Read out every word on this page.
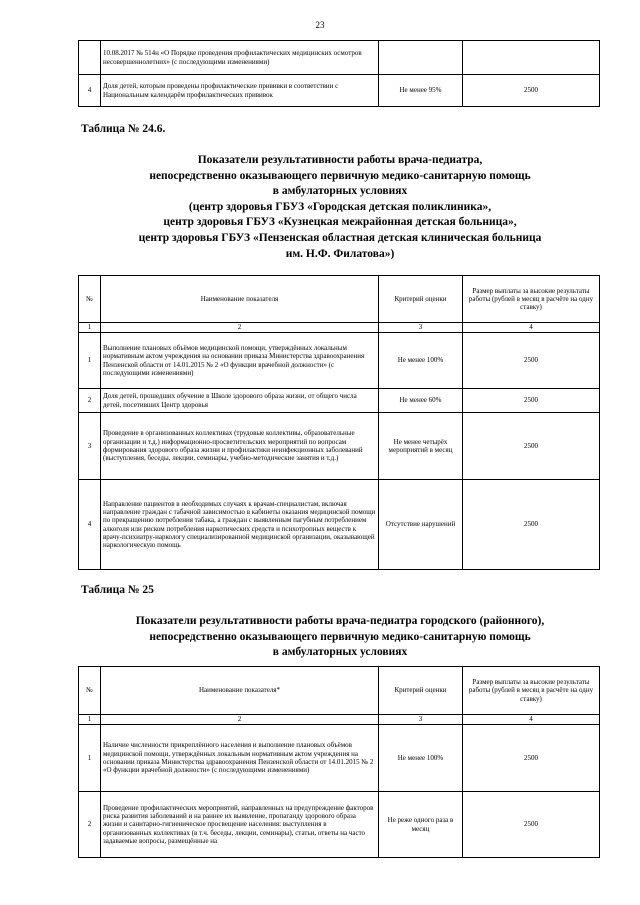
23
	10.08.2017 № 514н «О Порядке проведения профилактических медицинских осмотров несовершеннолетних» (с последующими изменениями)		
4	Доля детей, которым проведены профилактические прививки в соответствии с Национальным календарём профилактических прививок	Не менее 95%	2500
Таблица № 24.6.
Показатели результативности работы врача-педиатра,
непосредственно оказывающего первичную медико-санитарную помощь
в амбулаторных условиях
(центр здоровья ГБУЗ «Городская детская поликлиника»,
центр здоровья ГБУЗ «Кузнецкая межрайонная детская больница»,
центр здоровья ГБУЗ «Пензенская областная детская клиническая больница
им. Н.Ф. Филатова»)
№	Наименование показателя	Критерий оценки	Размер выплаты за высокие результаты работы (рублей в месяц в расчёте на одну ставку)
1	2	3	4
1	Выполнение плановых объёмов медицинской помощи, утверждённых локальным нормативным актом учреждения на основании приказа Министерства здравоохранения Пензенской области от 14.01.2015 № 2 «О функции врачебной должности» (с последующими изменениями)	Не менее 100%	2500
2	Доля детей, прошедших обучение в Школе здорового образа жизни, от общего числа детей, посетивших Центр здоровья	Не менее 60%	2500
3	Проведение в организованных коллективах (трудовые коллективы, образовательные организации и т.д.) информационно-просветительских мероприятий по вопросам формирования здорового образа жизни и профилактики неинфекционных заболеваний (выступления, беседы, лекции, семинары, учебно-методические занятия и т.д.)	Не менее четырёх мероприятий в месяц	2500
4	Направление пациентов в необходимых случаях к врачам-специалистам, включая направление граждан с табачной зависимостью в кабинеты оказания медицинской помощи по прекращению потребления табака, а граждан с выявленным пагубным потреблением алкоголя или риском потребления наркотических средств и психотропных веществ к врачу-психиатру-наркологу специализированной медицинской организации, оказывающей наркологическую помощь	Отсутствие нарушений	2500
Таблица № 25
Показатели результативности работы врача-педиатра городского (районного),
непосредственно оказывающего первичную медико-санитарную помощь
в амбулаторных условиях
№	Наименование показателя*	Критерий оценки	Размер выплаты за высокие результаты работы (рублей в месяц в расчёте на одну ставку)
1	2	3	4
1	Наличие численности прикреплённого населения и выполнение плановых объёмов медицинской помощи, утверждённых локальным нормативным актом учреждения на основании приказа Министерства здравоохранения Пензенской области от 14.01.2015 № 2 «О функции врачебной должности» (с последующими изменениями)	Не менее 100%	2500
2	Проведение профилактических мероприятий, направленных на предупреждение факторов риска развития заболеваний и на раннее их выявление, пропаганду здорового образа жизни и санитарно-гигиеническое просвещение населения: выступления в организованных коллективах (в т.ч. беседы, лекции, семинары), статьи, ответы на часто задаваемые вопросы, размещённые на	Не реже одного раза в месяц	2500
